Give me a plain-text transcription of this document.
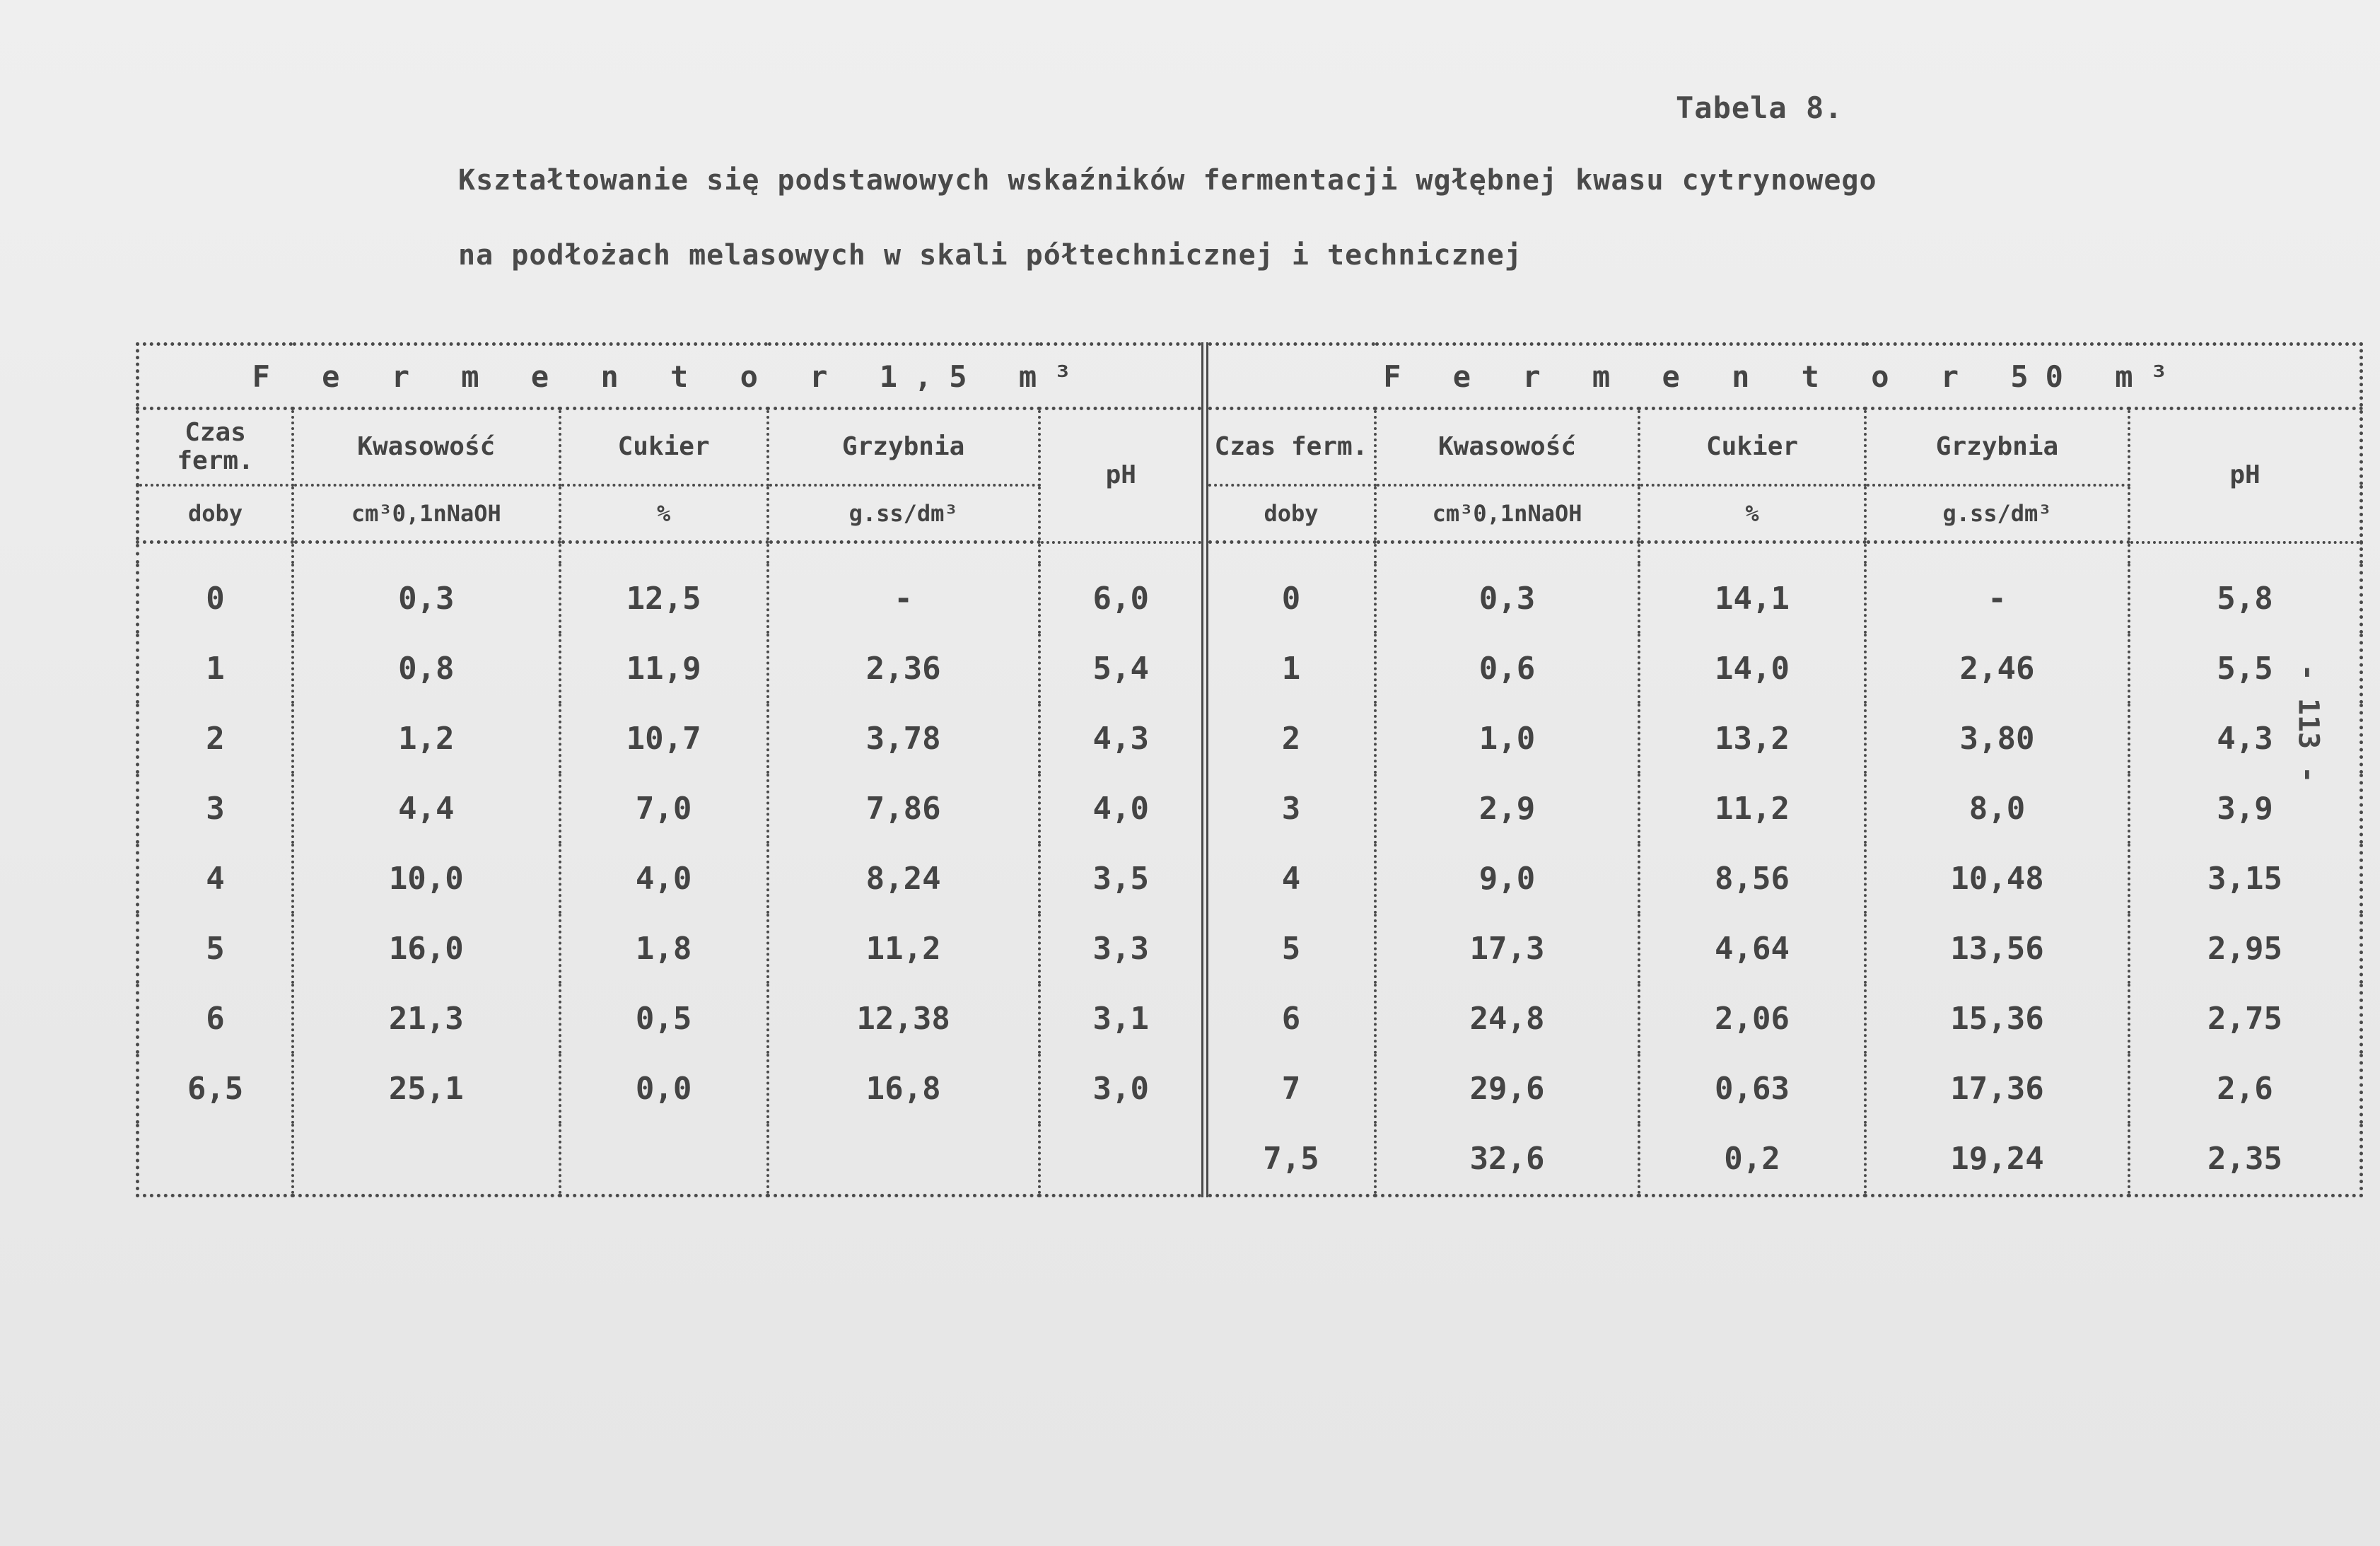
Tabela 8.
Kształtowanie się podstawowych wskaźników fermentacji wgłębnej kwasu cytrynowego
na podłożach melasowych w skali półtechnicznej i technicznej
- 113 -
F e r m e n t o r 1,5 m³					F e r m e n t o r 50 m³				
Czas ferm.	Kwasowość	Cukier	Grzybnia	pH	Czas ferm.	Kwasowość	Cukier	Grzybnia	pH
doby	cm³0,1nNaOH	%	g.ss/dm³		doby	cm³0,1nNaOH	%	g.ss/dm³	

0	0,3	12,5	-	6,0	0	0,3	14,1	-	5,8
1	0,8	11,9	2,36	5,4	1	0,6	14,0	2,46	5,5
2	1,2	10,7	3,78	4,3	2	1,0	13,2	3,80	4,3
3	4,4	7,0	7,86	4,0	3	2,9	11,2	8,0	3,9
4	10,0	4,0	8,24	3,5	4	9,0	8,56	10,48	3,15
5	16,0	1,8	11,2	3,3	5	17,3	4,64	13,56	2,95
6	21,3	0,5	12,38	3,1	6	24,8	2,06	15,36	2,75
6,5	25,1	0,0	16,8	3,0	7	29,6	0,63	17,36	2,6
					7,5	32,6	0,2	19,24	2,35
